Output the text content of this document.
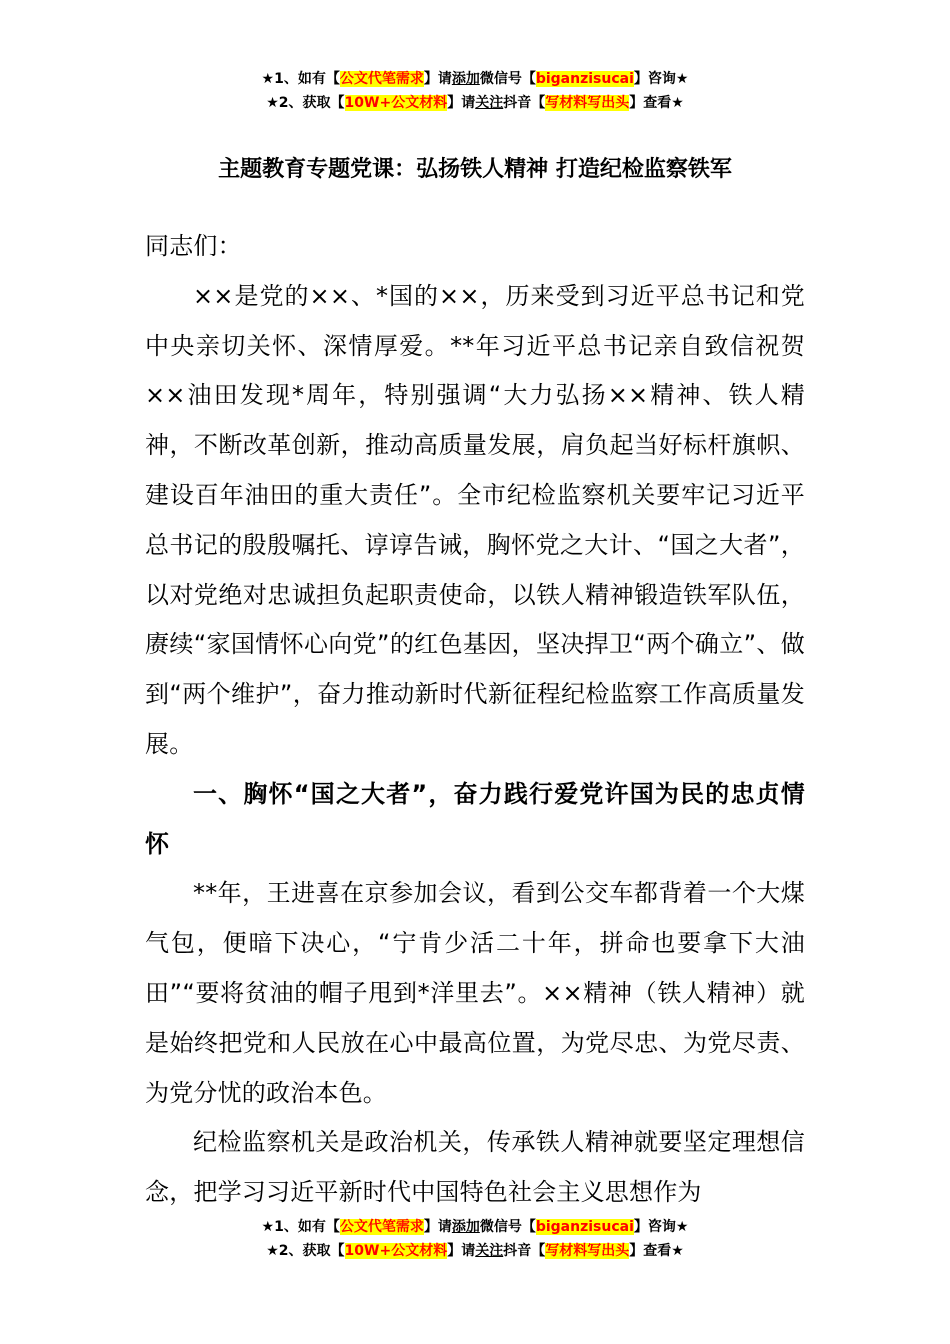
★1、如有【公文代笔需求】请添加微信号【biganzisucai】咨询★
★2、获取【10W+公文材料】请关注抖音【写材料写出头】查看★
主题教育专题党课：弘扬铁人精神 打造纪检监察铁军

同志们：

××是党的××、*国的××，历来受到习近平总书记和党中央亲切关怀、深情厚爱。**年习近平总书记亲自致信祝贺××油田发现*周年，特别强调“大力弘扬××精神、铁人精神，不断改革创新，推动高质量发展，肩负起当好标杆旗帜、建设百年油田的重大责任”。全市纪检监察机关要牢记习近平总书记的殷殷嘱托、谆谆告诫，胸怀党之大计、“国之大者”，以对党绝对忠诚担负起职责使命，以铁人精神锻造铁军队伍，赓续“家国情怀心向党”的红色基因，坚决捍卫“两个确立”、做到“两个维护”，奋力推动新时代新征程纪检监察工作高质量发展。

一、胸怀“国之大者”，奋力践行爱党许国为民的忠贞情怀

**年，王进喜在京参加会议，看到公交车都背着一个大煤气包，便暗下决心，“宁肯少活二十年，拼命也要拿下大油田”“要将贫油的帽子甩到*洋里去”。××精神（铁人精神）就是始终把党和人民放在心中最高位置，为党尽忠、为党尽责、为党分忧的政治本色。

纪检监察机关是政治机关，传承铁人精神就要坚定理想信念，把学习习近平新时代中国特色社会主义思想作为

★1、如有【公文代笔需求】请添加微信号【biganzisucai】咨询★
★2、获取【10W+公文材料】请关注抖音【写材料写出头】查看★
